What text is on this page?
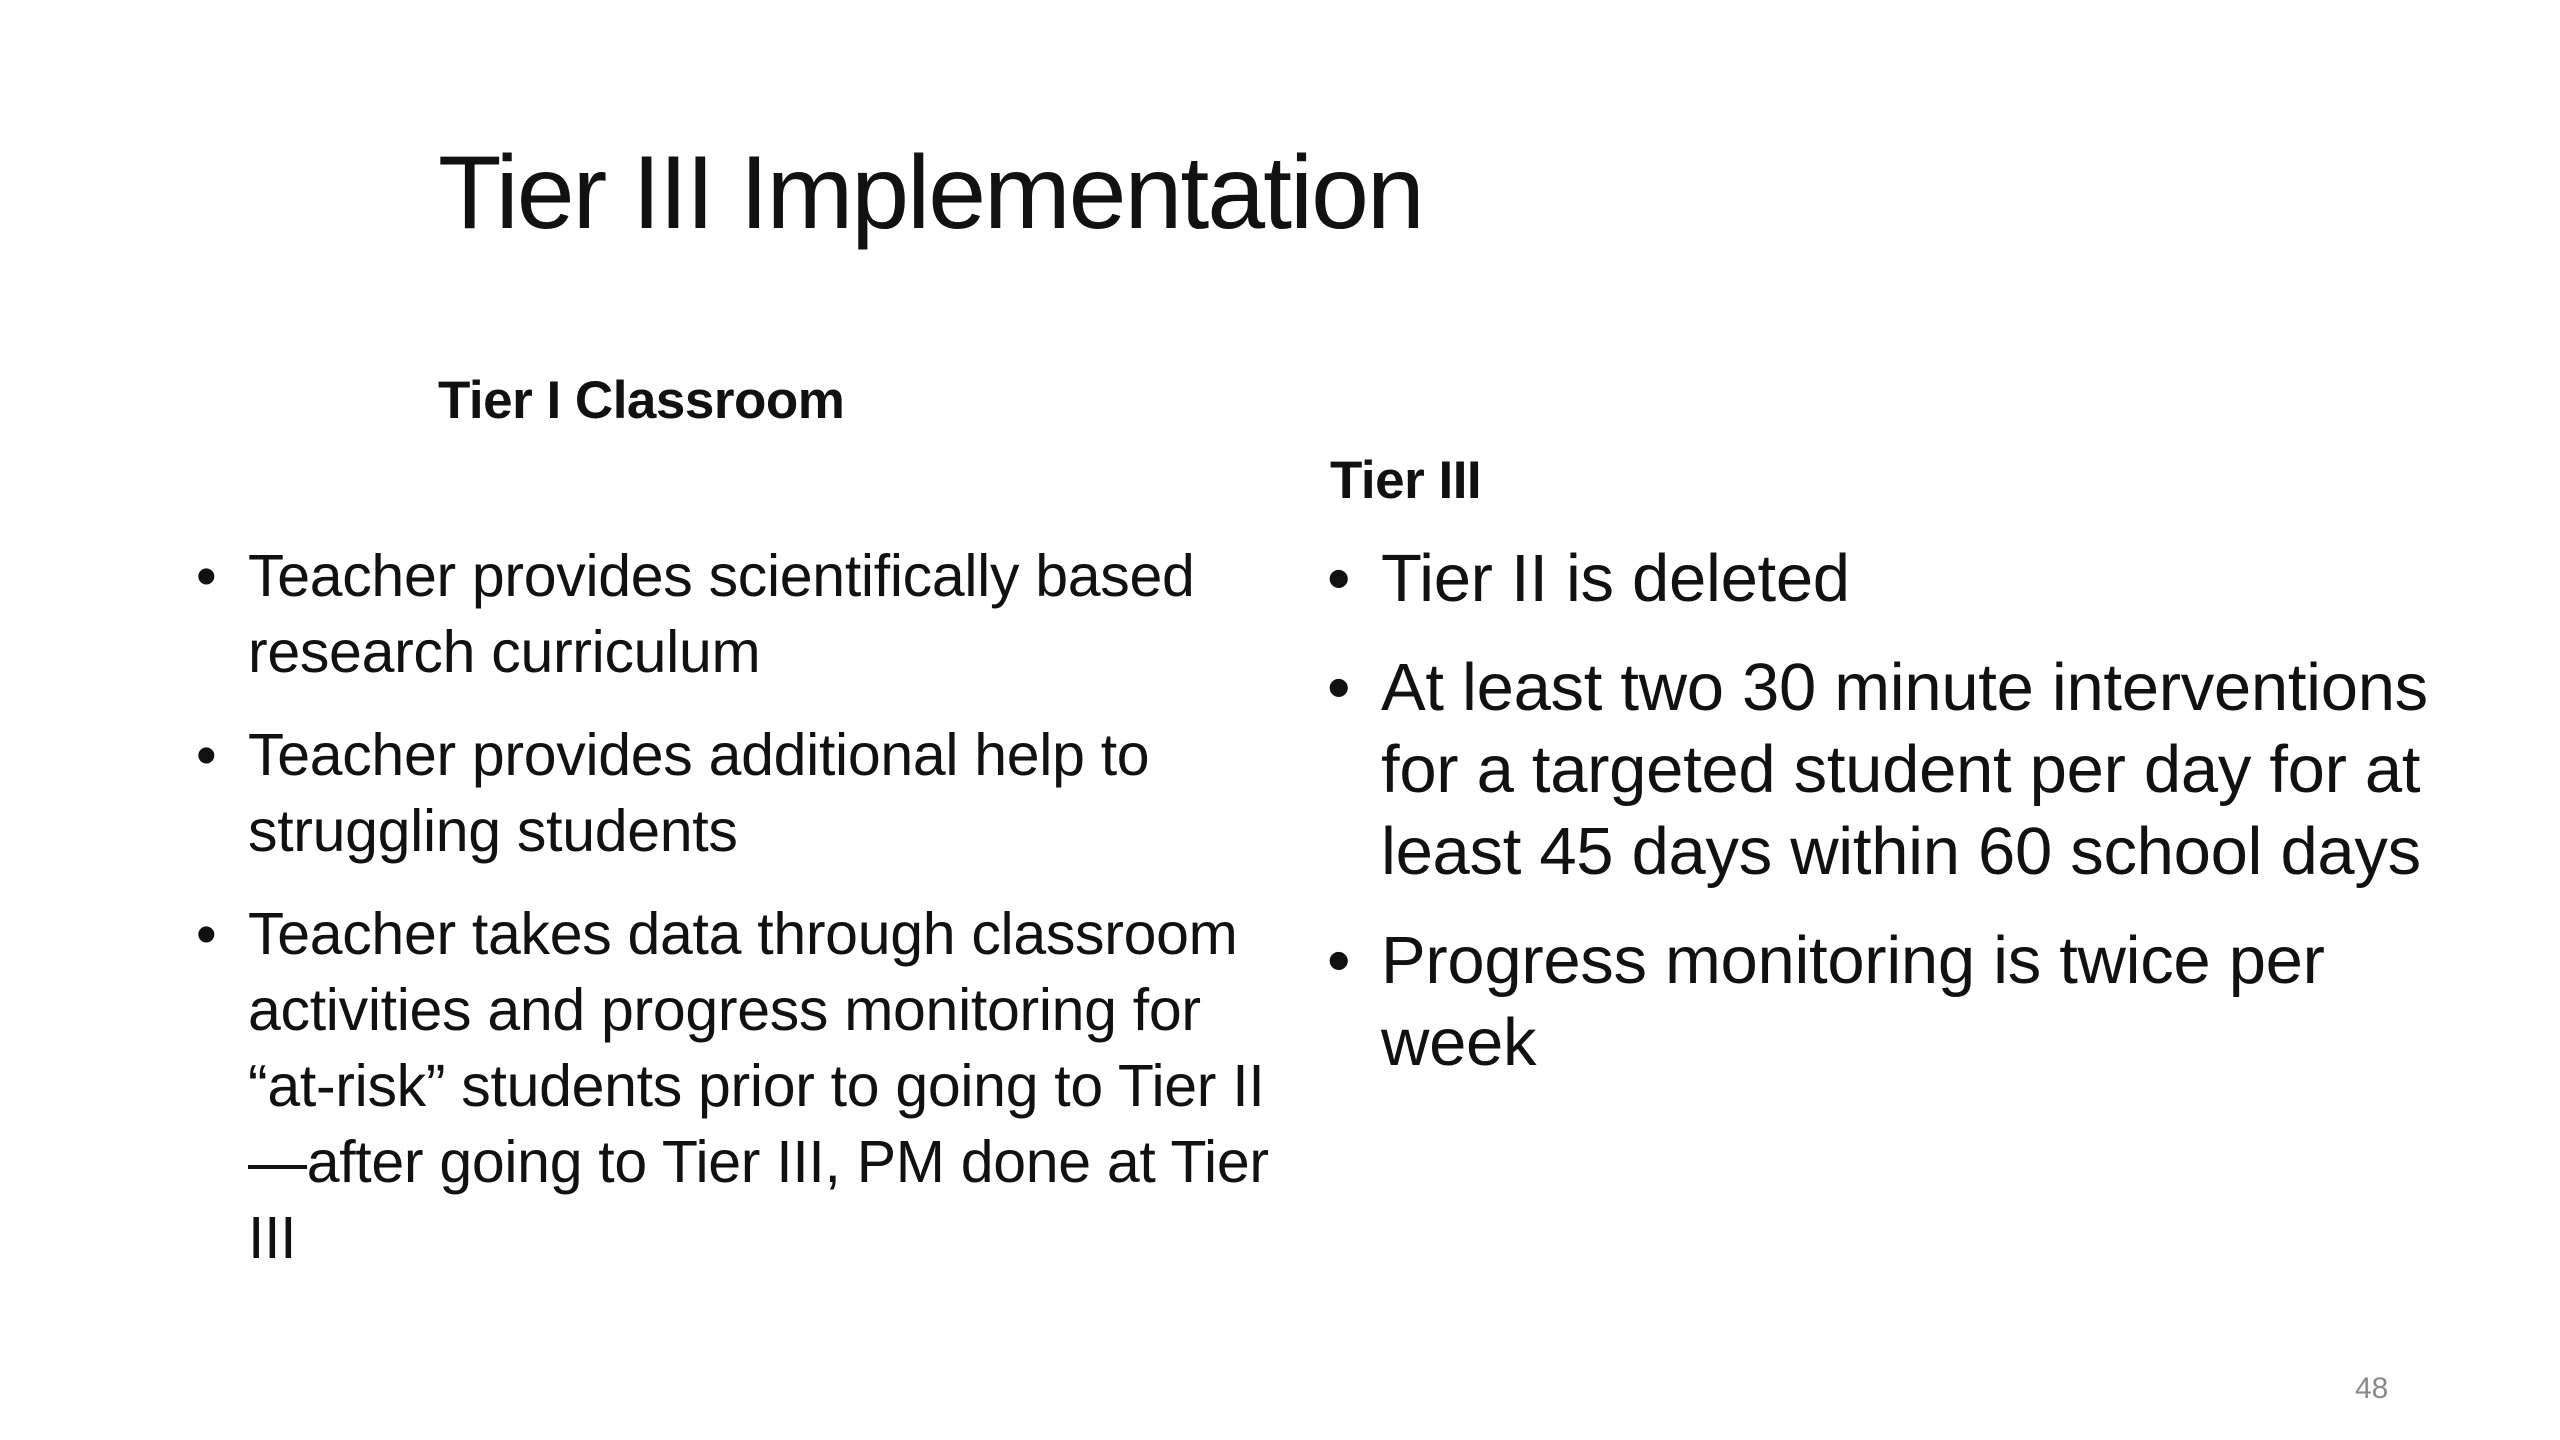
Tier III Implementation
Tier I Classroom
• Teacher provides scientifically based research curriculum
• Teacher provides additional help to struggling students
• Teacher takes data through classroom activities and progress monitoring for “at-risk” students prior to going to Tier II—after going to Tier III, PM done at Tier III
Tier III
• Tier II is deleted
• At least two 30 minute interventions for a targeted student per day for at least 45 days within 60 school days
• Progress monitoring is twice per week
48
